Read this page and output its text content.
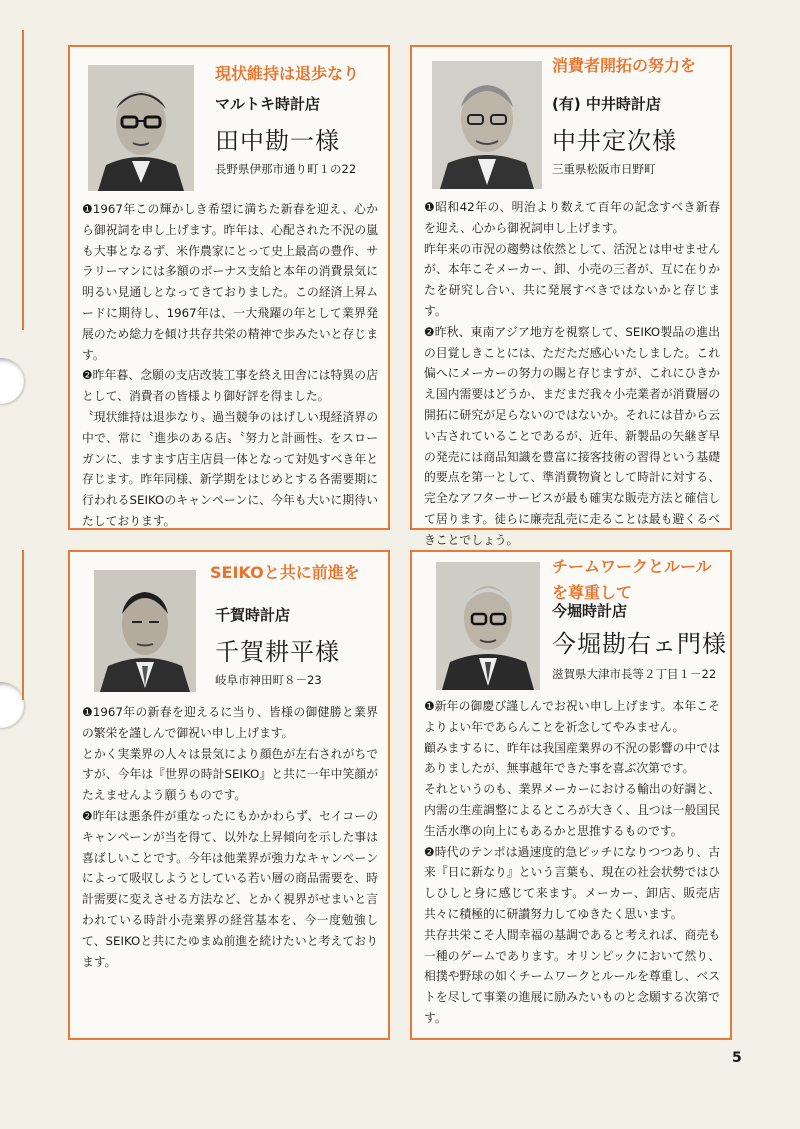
現状維持は退歩なり
マルトキ時計店
田中勘一様
長野県伊那市通り町１の22

❶1967年この輝かしき希望に満ちた新春を迎え、心から御祝詞を申し上げます。昨年は、心配された不況の嵐も大事となるず、米作農家にとって史上最高の豊作、サラリーマンには多額のボーナス支給と本年の消費景気に明るい見通しとなってきておりました。この経済上昇ムードに期待し、1967年は、一大飛躍の年として業界発展のため総力を傾け共存共栄の精神で歩みたいと存じます。

❷昨年暮、念願の支店改装工事を終え田舎には特異の店として、消費者の皆様より御好評を得ました。

〝現状維持は退歩なり〟過当競争のはげしい現経済界の中で、常に〝進歩のある店〟〝努力と計画性〟をスローガンに、ますます店主店員一体となって対処すべき年と存じます。昨年同様、新学期をはじめとする各需要期に行われるSEIKOのキャンペーンに、今年も大いに期待いたしております。

消費者開拓の努力を
(有) 中井時計店
中井定次様
三重県松阪市日野町

❶昭和42年の、明治より数えて百年の記念すべき新春を迎え、心から御祝詞申し上げます。

昨年来の市況の趨勢は依然として、活況とは申せませんが、本年こそメーカー、卸、小売の三者が、互に在りかたを研究し合い、共に発展すべきではないかと存じます。

❷昨秋、東南アジア地方を視察して、SEIKO製品の進出の目覚しきことには、ただただ感心いたしました。これ偏へにメーカーの努力の賜と存じますが、これにひきかえ国内需要はどうか、まだまだ我々小売業者が消費層の開拓に研究が足らないのではないか。それには昔から云い古されていることであるが、近年、新製品の矢継ぎ早の発売には商品知識を豊富に接客技術の習得という基礎的要点を第一として、準消費物資として時計に対する、完全なアフターサービスが最も確実な販売方法と確信して居ります。徒らに廉売乱売に走ることは最も避くるべきことでしょう。

SEIKOと共に前進を
千賀時計店
千賀耕平様
岐阜市神田町８－23

❶1967年の新春を迎えるに当り、皆様の御健勝と業界の繁栄を謹しんで御祝い申し上げます。

とかく実業界の人々は景気により顔色が左右されがちですが、今年は『世界の時計SEIKO』と共に一年中笑顔がたえませんよう願うものです。

❷昨年は悪条件が重なったにもかかわらず、セイコーのキャンペーンが当を得て、以外な上昇傾向を示した事は喜ばしいことです。今年は他業界が強力なキャンペーンによって吸収しようとしている若い層の商品需要を、時計需要に変えさせる方法など、とかく視界がせまいと言われている時計小売業界の経営基本を、今一度勉強して、SEIKOと共にたゆまぬ前進を続けたいと考えております。

チームワークとルールを尊重して
今堀時計店
今堀勘右ェ門様
滋賀県大津市長等２丁目１－22

❶新年の御慶び謹しんでお祝い申し上げます。本年こそよりよい年であらんことを祈念してやみません。

顧みまするに、昨年は我国産業界の不況の影響の中ではありましたが、無事越年できた事を喜ぶ次第です。

それというのも、業界メーカーにおける輸出の好調と、内需の生産調整によるところが大きく、且つは一般国民生活水準の向上にもあるかと思推するものです。

❷時代のテンポは過速度的急ピッチになりつつあり、古来『日に新なり』という言葉も、現在の社会状勢ではひしひしと身に感じて来ます。メーカー、卸店、販売店共々に積極的に研讃努力してゆきたく思います。

共存共栄こそ人間幸福の基調であると考えれば、商売も一種のゲームであります。オリンピックにおいて然り、相撲や野球の如くチームワークとルールを尊重し、ベストを尽して事業の進展に励みたいものと念願する次第です。

5
